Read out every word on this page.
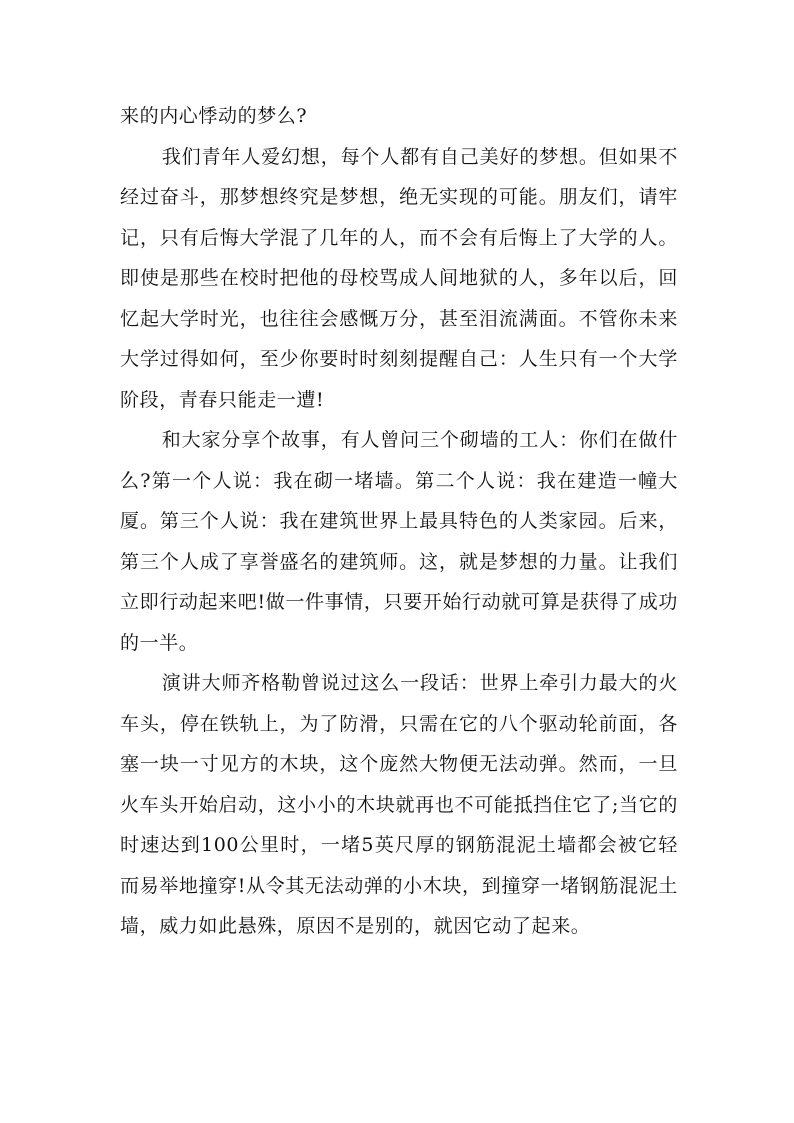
来的内心悸动的梦么?

我们青年人爱幻想，每个人都有自己美好的梦想。但如果不经过奋斗，那梦想终究是梦想，绝无实现的可能。朋友们，请牢记，只有后悔大学混了几年的人，而不会有后悔上了大学的人。即使是那些在校时把他的母校骂成人间地狱的人，多年以后，回忆起大学时光，也往往会感慨万分，甚至泪流满面。不管你未来大学过得如何，至少你要时时刻刻提醒自己：人生只有一个大学阶段，青春只能走一遭!

和大家分享个故事，有人曾问三个砌墙的工人：你们在做什么?第一个人说：我在砌一堵墙。第二个人说：我在建造一幢大厦。第三个人说：我在建筑世界上最具特色的人类家园。后来，第三个人成了享誉盛名的建筑师。这，就是梦想的力量。让我们立即行动起来吧!做一件事情，只要开始行动就可算是获得了成功的一半。

演讲大师齐格勒曾说过这么一段话：世界上牵引力最大的火车头，停在铁轨上，为了防滑，只需在它的八个驱动轮前面，各塞一块一寸见方的木块，这个庞然大物便无法动弹。然而，一旦火车头开始启动，这小小的木块就再也不可能抵挡住它了;当它的时速达到100公里时，一堵5英尺厚的钢筋混泥土墙都会被它轻而易举地撞穿!从令其无法动弹的小木块，到撞穿一堵钢筋混泥土墙，威力如此悬殊，原因不是别的，就因它动了起来。
